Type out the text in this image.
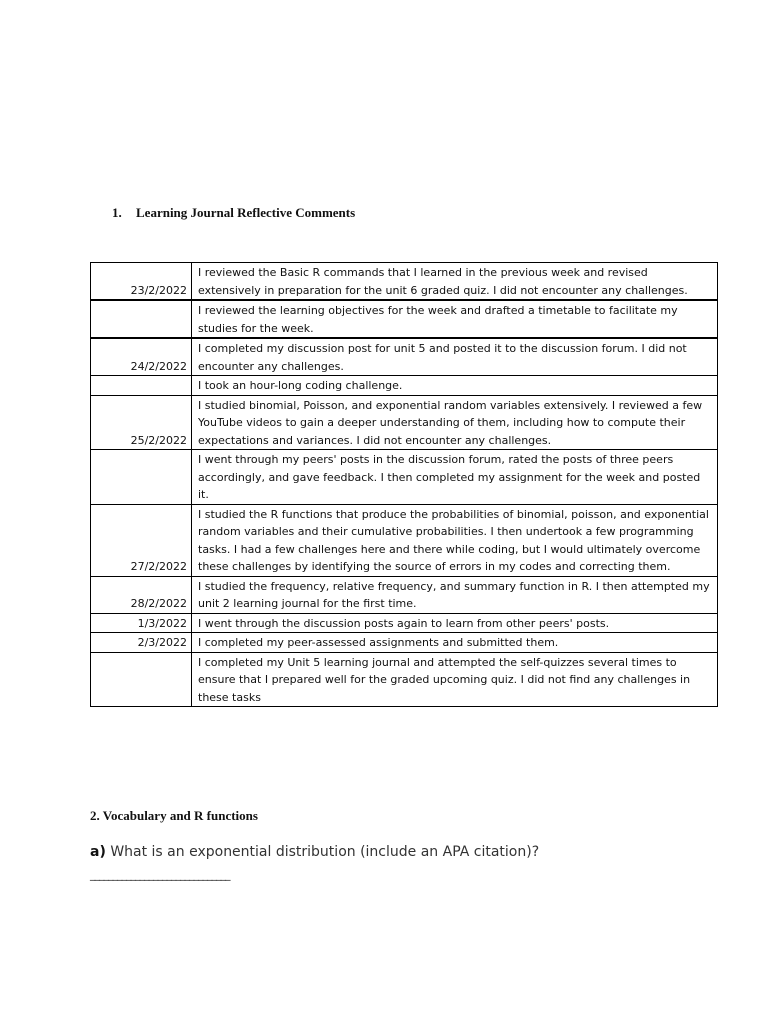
1. Learning Journal Reflective Comments
23/2/2022	I reviewed the Basic R commands that I learned in the previous week and revised extensively in preparation for the unit 6 graded quiz. I did not encounter any challenges.
	I reviewed the learning objectives for the week and drafted a timetable to facilitate my studies for the week.
24/2/2022	I completed my discussion post for unit 5 and posted it to the discussion forum. I did not encounter any challenges.
	I took an hour-long coding challenge.
25/2/2022	I studied binomial, Poisson, and exponential random variables extensively. I reviewed a few YouTube videos to gain a deeper understanding of them, including how to compute their expectations and variances. I did not encounter any challenges.
	I went through my peers' posts in the discussion forum, rated the posts of three peers accordingly, and gave feedback. I then completed my assignment for the week and posted it.
27/2/2022	I studied the R functions that produce the probabilities of binomial, poisson, and exponential random variables and their cumulative probabilities. I then undertook a few programming tasks. I had a few challenges here and there while coding, but I would ultimately overcome these challenges by identifying the source of errors in my codes and correcting them.
28/2/2022	I studied the frequency, relative frequency, and summary function in R. I then attempted my unit 2 learning journal for the first time.
1/3/2022	I went through the discussion posts again to learn from other peers' posts.
2/3/2022	I completed my peer-assessed assignments and submitted them.
	I completed my Unit 5 learning journal and attempted the self-quizzes several times to ensure that I prepared well for the graded upcoming quiz. I did not find any challenges in these tasks
2. Vocabulary and R functions
a) What is an exponential distribution (include an APA citation)?
_______________________________
